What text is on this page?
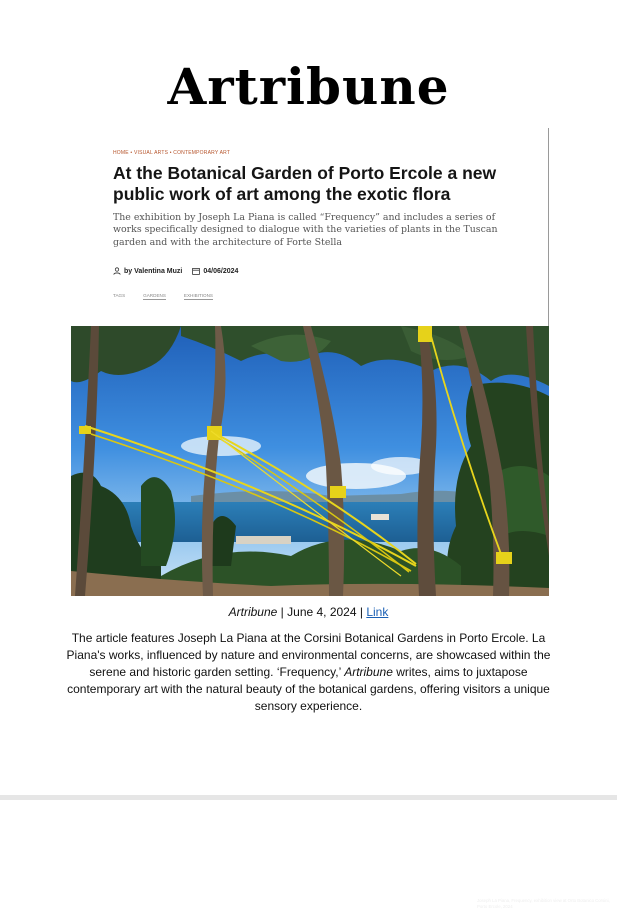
Artribune
HOME • VISUAL ARTS • CONTEMPORARY ART
At the Botanical Garden of Porto Ercole a new public work of art among the exotic flora

The exhibition by Joseph La Piana is called “Frequency” and includes a series of works specifically designed to dialogue with the varieties of plants in the Tuscan garden and with the architecture of Forte Stella

by Valentina Muzi	04/06/2024
TAGS	GARDENS	EXHIBITIONS
Joseph La Piana, Frequency, exhibition view at Orto Botanico Corsini, Porto Ercole, 2024
Artribune | June 4, 2024 | Link

The article features Joseph La Piana at the Corsini Botanical Gardens in Porto Ercole. La Piana's works, influenced by nature and environmental concerns, are showcased within the serene and historic garden setting. ‘Frequency,’ Artribune writes, aims to juxtapose contemporary art with the natural beauty of the botanical gardens, offering visitors a unique sensory experience.
